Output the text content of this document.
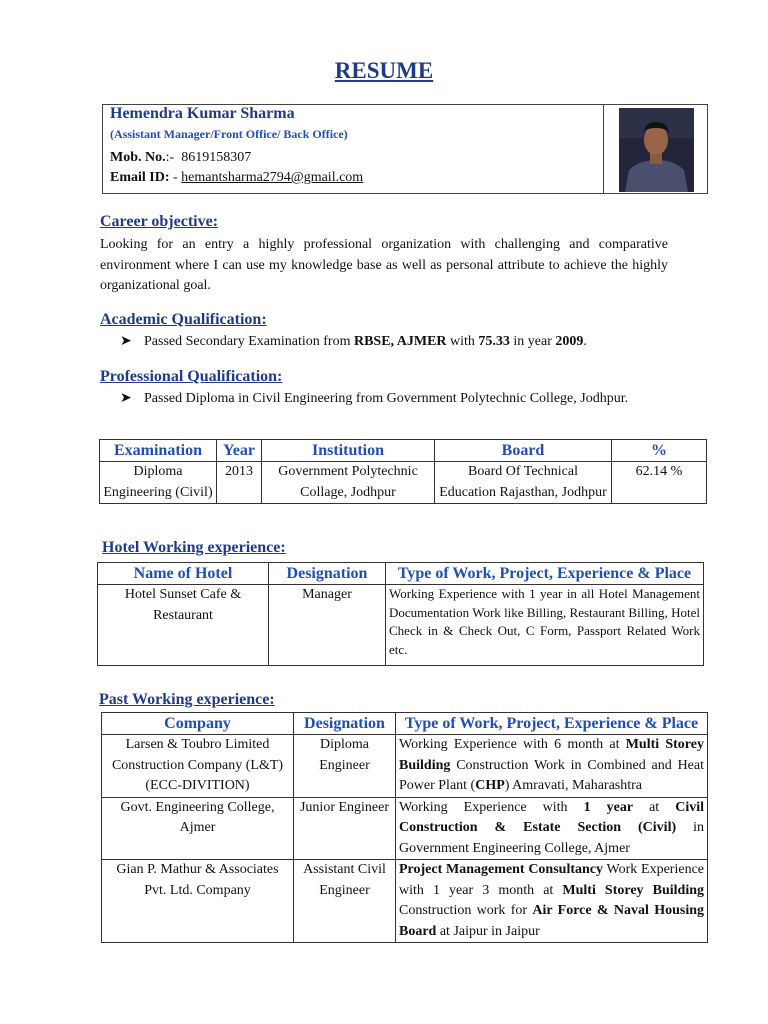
RESUME
Hemendra Kumar Sharma
(Assistant Manager/Front Office/ Back Office)
Mob. No.:- 8619158307
Email ID: - hemantsharma2794@gmail.com
Career objective:
Looking for an entry a highly professional organization with challenging and comparative environment where I can use my knowledge base as well as personal attribute to achieve the highly organizational goal.
Academic Qualification:
➤ Passed Secondary Examination from RBSE, AJMER with 75.33 in year 2009.
Professional Qualification:
➤ Passed Diploma in Civil Engineering from Government Polytechnic College, Jodhpur.
Examination	Year	Institution	Board	%
Diploma Engineering (Civil)	2013	Government Polytechnic Collage, Jodhpur	Board Of Technical Education Rajasthan, Jodhpur	62.14 %
Hotel Working experience:
Name of Hotel	Designation	Type of Work, Project, Experience & Place
Hotel Sunset Cafe & Restaurant	Manager	Working Experience with 1 year in all Hotel Management Documentation Work like Billing, Restaurant Billing, Hotel Check in & Check Out, C Form, Passport Related Work etc.
Past Working experience:
Company	Designation	Type of Work, Project, Experience & Place
Larsen & Toubro Limited Construction Company (L&T) (ECC-DIVITION)	Diploma Engineer	Working Experience with 6 month at Multi Storey Building Construction Work in Combined and Heat Power Plant (CHP) Amravati, Maharashtra
Govt. Engineering College, Ajmer	Junior Engineer	Working Experience with 1 year at Civil Construction & Estate Section (Civil) in Government Engineering College, Ajmer
Gian P. Mathur & Associates Pvt. Ltd. Company	Assistant Civil Engineer	Project Management Consultancy Work Experience with 1 year 3 month at Multi Storey Building Construction work for Air Force & Naval Housing Board at Jaipur in Jaipur
